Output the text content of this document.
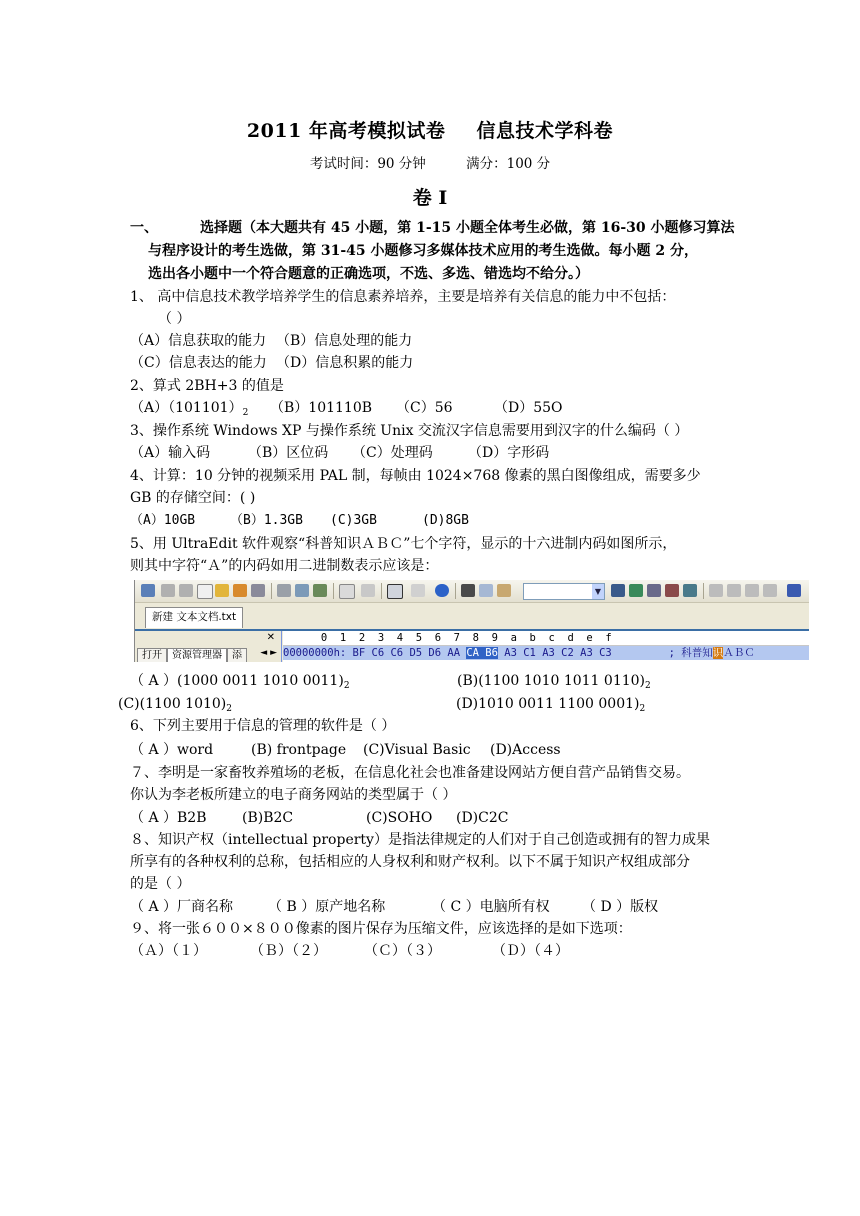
2011 年高考模拟试卷 信息技术学科卷
考试时间：90 分钟	满分：100 分
卷 I
一、	选择题（本大题共有 45 小题，第 1-15 小题全体考生必做，第 16-30 小题修习算法
与程序设计的考生选做，第 31-45 小题修习多媒体技术应用的考生选做。每小题 2 分，
选出各小题中一个符合题意的正确选项，不选、多选、错选均不给分。）
1、 高中信息技术教学培养学生的信息素养培养，主要是培养有关信息的能力中不包括：
（ ）
（A）信息获取的能力 （B）信息处理的能力
（C）信息表达的能力 （D）信息积累的能力
2、算式 2BH+3 的值是
$(A)(101101)_2$ （B）101110B （C）56	（D）55O
3、操作系统 Windows XP 与操作系统 Unix 交流汉字信息需要用到汉字的什么编码（ ）
（A）输入码	（B）区位码 （C）处理码	（D）字形码
4、计算：10 分钟的视频采用 PAL 制，每帧由 1024×768 像素的黑白图像组成，需要多少
GB 的存储空间：( )
（A）10GB	（B）1.3GB (C)3GB	(D)8GB
5、用 UltraEdit 软件观察“科普知识ＡＢＣ”七个字符，显示的十六进制内码如图所示，
则其中字符“Ａ”的内码如用二进制数表示应该是：
▼
新建 文本文档.txt
✕
打开 资源管理器 添	◄ ►
0  1  2  3  4  5  6  7  8  9  a  b  c  d  e  f
00000000h: BF C6 C6 D5 D6 AA CA B6 A3 C1 A3 C2 A3 C3         ; 科普知识ＡＢＣ
（ A ）(1000 0011 1010 $0011)_2$	(B)(1100 1010 1011 $0110)_2$
(C)(1100 $1010)_2$	(D)1010 0011 1100 $0001)_2$
6、下列主要用于信息的管理的软件是（ ）
（ A ）word	(B) frontpage (C)Visual Basic (D)Access
７、李明是一家畜牧养殖场的老板，在信息化社会也准备建设网站方便自营产品销售交易。
你认为李老板所建立的电子商务网站的类型属于（ ）
（ A ）B2B	(B)B2C	(C)SOHO (D)C2C
８、知识产权（intellectual property）是指法律规定的人们对于自己创造或拥有的智力成果
所享有的各种权利的总称，包括相应的人身权利和财产权利。以下不属于知识产权组成部分
的是（ ）
（ A ）厂商名称 （ B ）原产地名称	（ C ）电脑所有权 （ D ）版权
９、将一张６００×８００像素的图片保存为压缩文件，应该选择的是如下选项：
（Ａ）（１）	（Ｂ）（２）	（Ｃ）（３）	（Ｄ）（４）
